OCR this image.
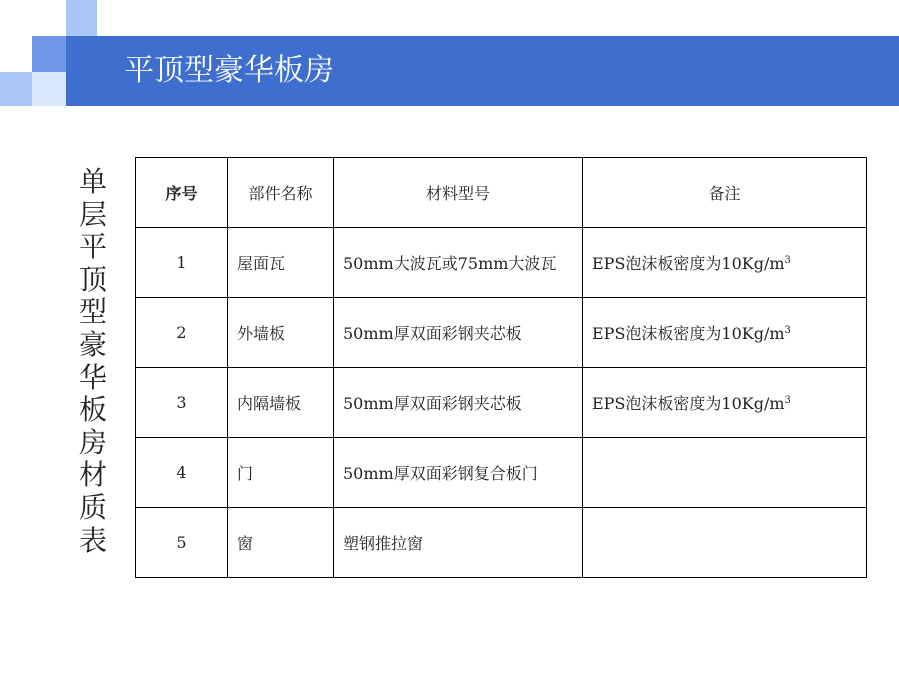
平顶型豪华板房
单层平顶型豪华板房材质表
序号	部件名称	材料型号	备注
1	屋面瓦	50mm大波瓦或75mm大波瓦	EPS泡沫板密度为$10Kg/m^3$
2	外墙板	50mm厚双面彩钢夹芯板	EPS泡沫板密度为$10Kg/m^3$
3	内隔墙板	50mm厚双面彩钢夹芯板	EPS泡沫板密度为$10Kg/m^3$
4	门	50mm厚双面彩钢复合板门	
5	窗	塑钢推拉窗	
